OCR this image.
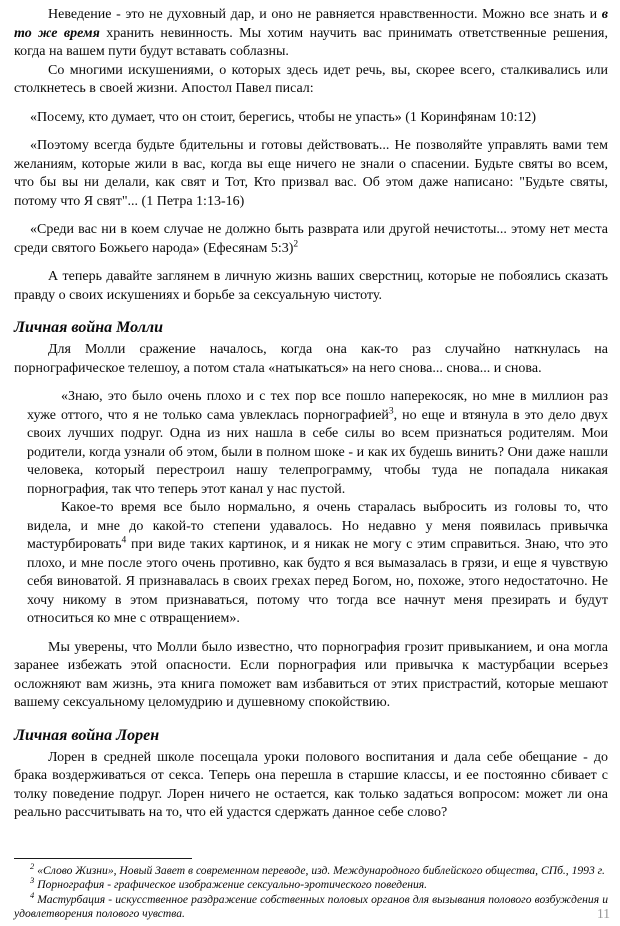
Неведение - это не духовный дар, и оно не равняется нравственности. Можно все знать и в то же время хранить невинность. Мы хотим научить вас принимать ответственные решения, когда на вашем пути будут вставать соблазны.

Со многими искушениями, о которых здесь идет речь, вы, скорее всего, сталкивались или столкнетесь в своей жизни. Апостол Павел писал:

«Посему, кто думает, что он стоит, берегись, чтобы не упасть» (1 Коринфянам 10:12)

«Поэтому всегда будьте бдительны и готовы действовать... Не позволяйте управлять вами тем желаниям, которые жили в вас, когда вы еще ничего не знали о спасении. Будьте святы во всем, что бы вы ни делали, как свят и Тот, Кто призвал вас. Об этом даже написано: "Будьте святы, потому что Я свят"... (1 Петра 1:13-16)

«Среди вас ни в коем случае не должно быть разврата или другой нечистоты... этому нет места среди святого Божьего народа» (Ефесянам 5:3)$^2$

А теперь давайте заглянем в личную жизнь ваших сверстниц, которые не побоялись сказать правду о своих искушениях и борьбе за сексуальную чистоту.

Личная война Молли

Для Молли сражение началось, когда она как-то раз случайно наткнулась на порнографическое телешоу, а потом стала «натыкаться» на него снова... снова... и снова.

«Знаю, это было очень плохо и с тех пор все пошло наперекосяк, но мне в миллион раз хуже оттого, что я не только сама увлеклась порнографией$^3$, но еще и втянула в это дело двух своих лучших подруг. Одна из них нашла в себе силы во всем признаться родителям. Мои родители, когда узнали об этом, были в полном шоке - и как их будешь винить? Они даже нашли человека, который перестроил нашу телепрограмму, чтобы туда не попадала никакая порнография, так что теперь этот канал у нас пустой.

Какое-то время все было нормально, я очень старалась выбросить из головы то, что видела, и мне до какой-то степени удавалось. Но недавно у меня появилась привычка мастурбировать$^4$ при виде таких картинок, и я никак не могу с этим справиться. Знаю, что это плохо, и мне после этого очень противно, как будто я вся вымазалась в грязи, и еще я чувствую себя виноватой. Я признавалась в своих грехах перед Богом, но, похоже, этого недостаточно. Не хочу никому в этом признаваться, потому что тогда все начнут меня презирать и будут относиться ко мне с отвращением».

Мы уверены, что Молли было известно, что порнография грозит привыканием, и она могла заранее избежать этой опасности. Если порнография или привычка к мастурбации всерьез осложняют вам жизнь, эта книга поможет вам избавиться от этих пристрастий, которые мешают вашему сексуальному целомудрию и душевному спокойствию.

Личная война Лорен

Лорен в средней школе посещала уроки полового воспитания и дала себе обещание - до брака воздерживаться от секса. Теперь она перешла в старшие классы, и ее постоянно сбивает с толку поведение подруг. Лорен ничего не остается, как только задаться вопросом: может ли она реально рассчитывать на то, что ей удастся сдержать данное себе слово?

$^2$ «Слово Жизни», Новый Завет в современном переводе, изд. Международного библейского общества, СПб., 1993 г.

$^3$ Порнография - графическое изображение сексуально-эротического поведения.

$^4$ Мастурбация - искусственное раздражение собственных половых органов для вызывания полового возбуждения и удовлетворения полового чувства.	11
